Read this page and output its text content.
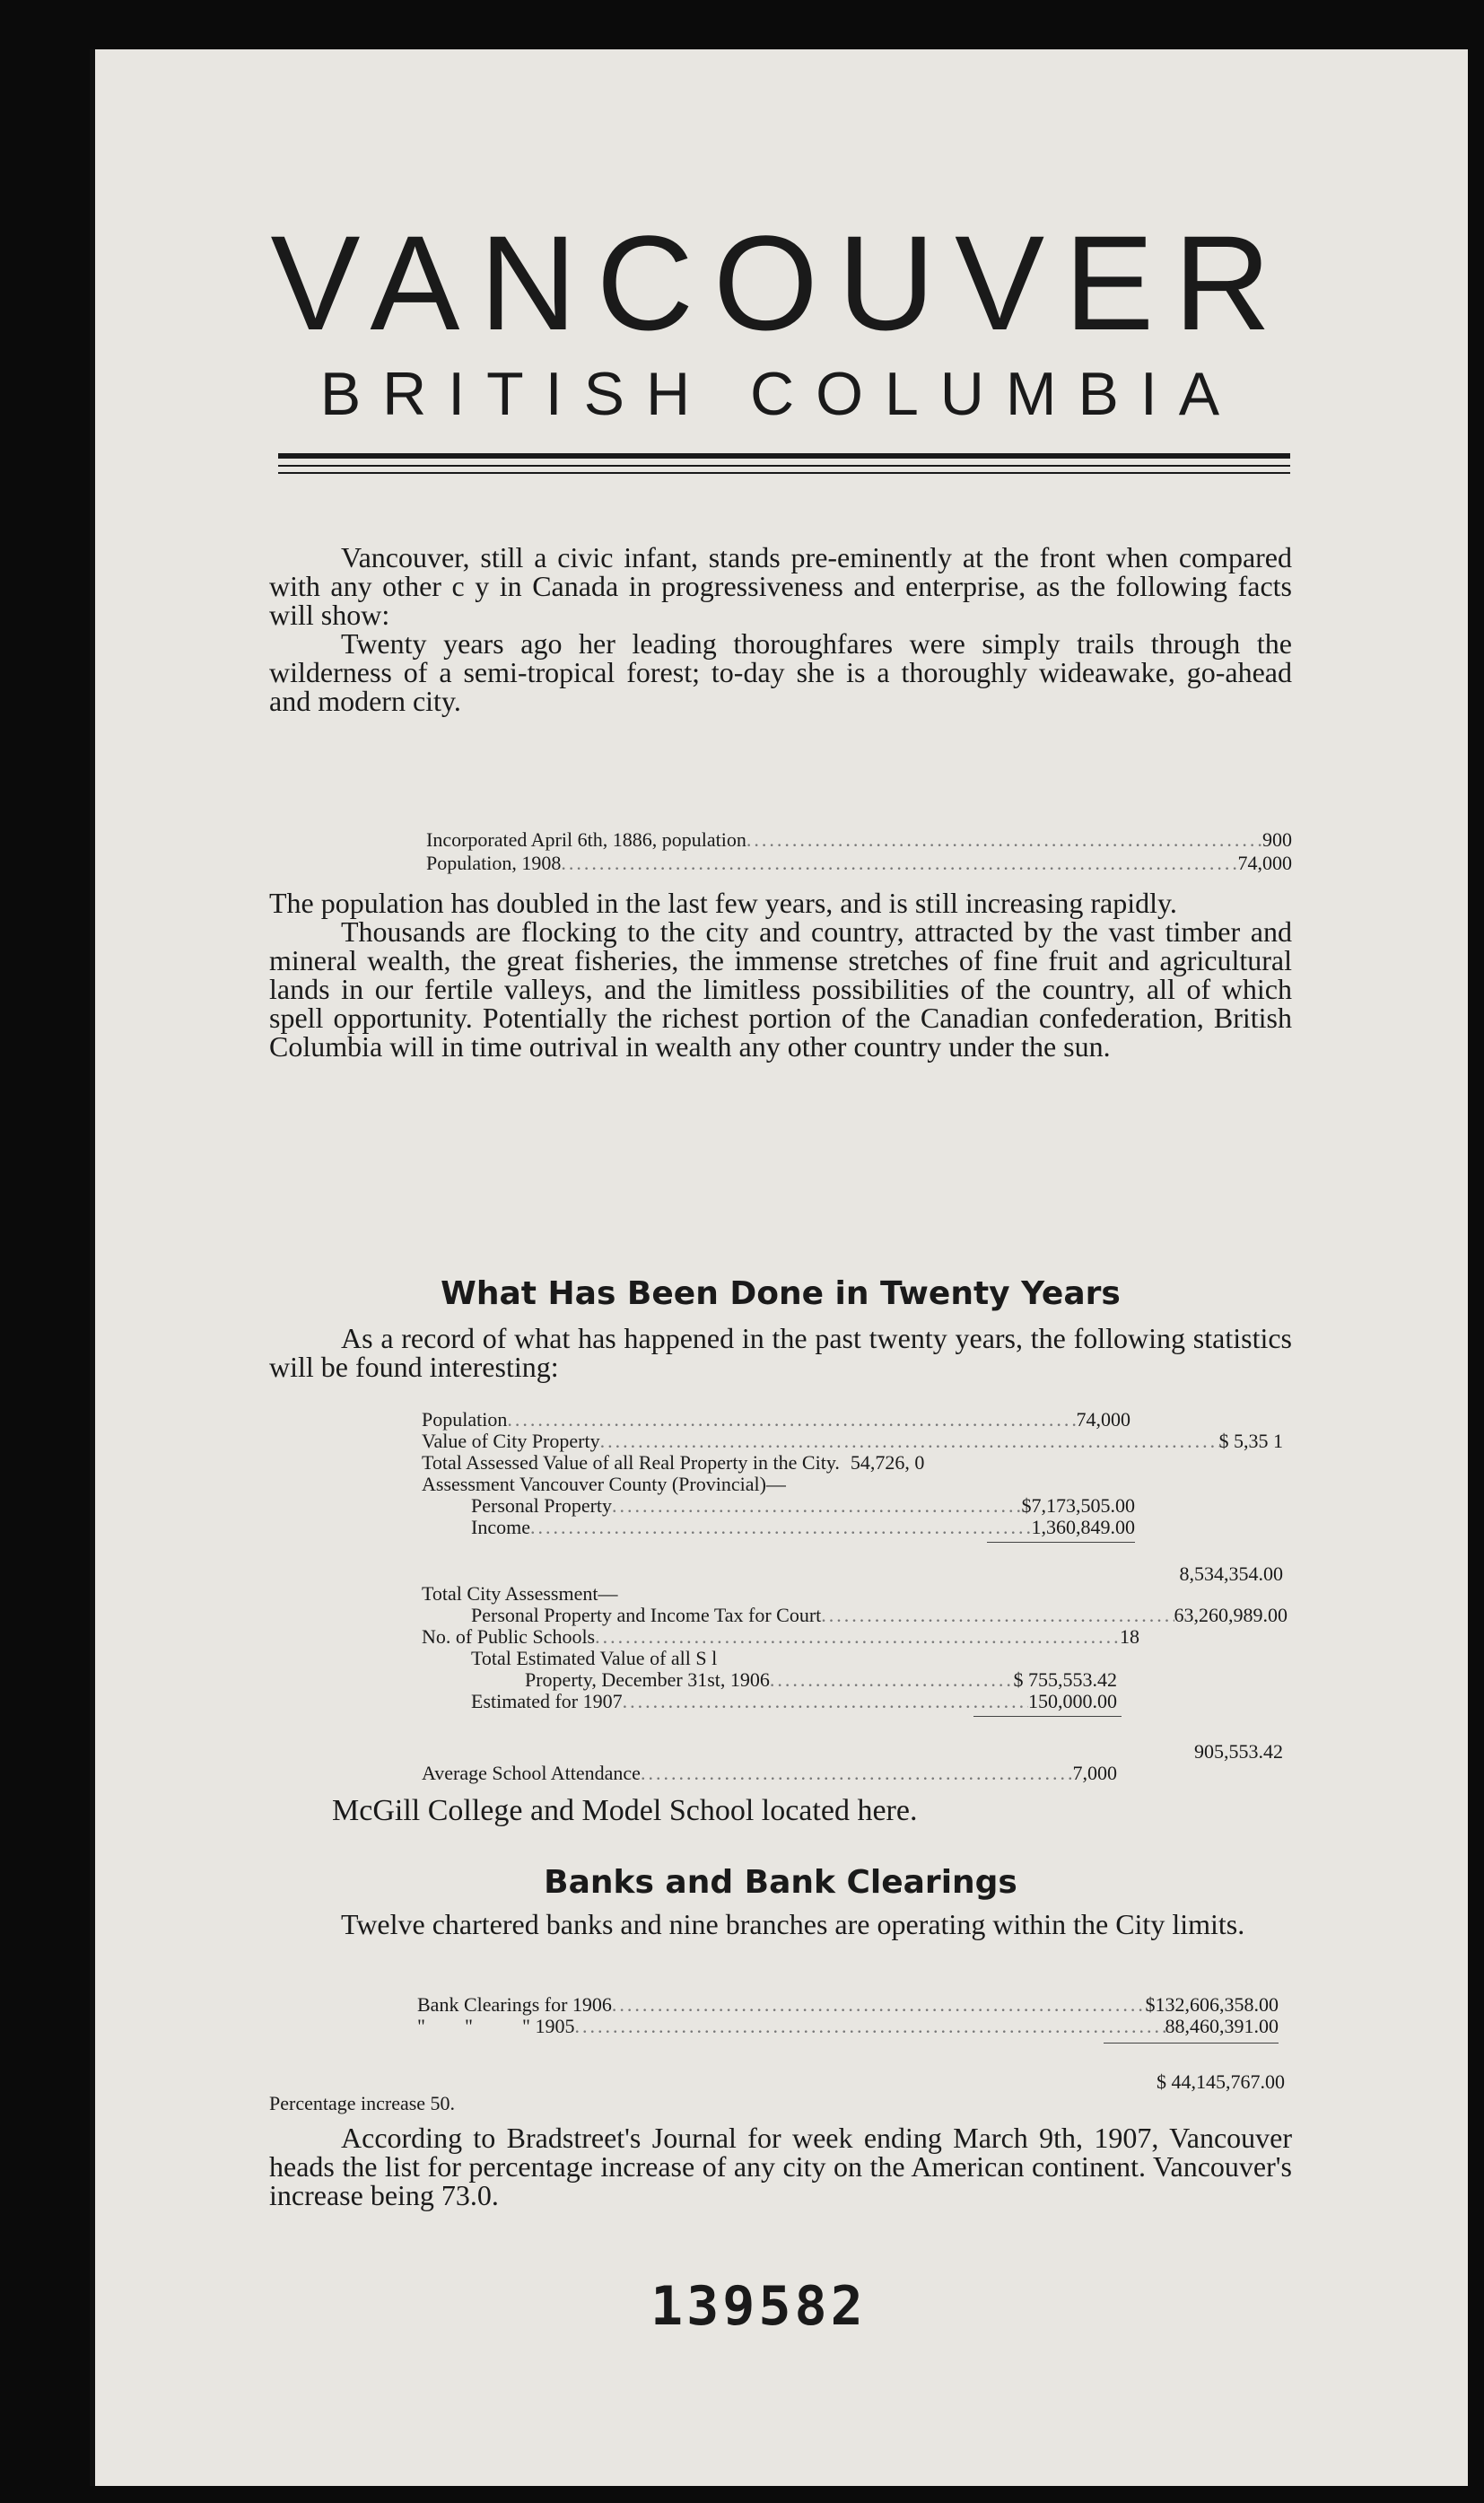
VANCOUVER
BRITISH COLUMBIA

Vancouver, still a civic infant, stands pre-eminently at the front when compared with any other c y in Canada in progressiveness and enterprise, as the following facts will show:

Twenty years ago her leading thoroughfares were simply trails through the wilderness of a semi-tropical forest; to-day she is a thoroughly wideawake, go-ahead and modern city.

Incorporated April 6th, 1886, population .....	900
Population, 1908 .....	74,000

The population has doubled in the last few years, and is still increasing rapidly.

Thousands are flocking to the city and country, attracted by the vast timber and mineral wealth, the great fisheries, the immense stretches of fine fruit and agricultural lands in our fertile valleys, and the limitless possibilities of the country, all of which spell opportunity. Potentially the richest portion of the Canadian confederation, British Columbia will in time outrival in wealth any other country under the sun.

What Has Been Done in Twenty Years

As a record of what has happened in the past twenty years, the following statistics will be found interesting:

Population .....	74,000
Value of City Property .....	$ 5,35 1
Total Assessed Value of all Real Property in the City. 54,726, 0
Assessment Vancouver County (Provincial)—
Personal Property .....	$7,173,505.00
Income .....	1,360,849.00
8,534,354.00
Total City Assessment—
Personal Property and Income Tax for Court .....	63,260,989.00
No. of Public Schools .....	18
Total Estimated Value of all S l
Property, December 31st, 1906 .....	$ 755,553.42
Estimated for 1907 .....	150,000.00
905,553.42
Average School Attendance .....	7,000
McGill College and Model School located here.
Banks and Bank Clearings

Twelve chartered banks and nine branches are operating within the City limits.

Bank Clearings for 1906 .....	$132,606,358.00
"        "          " 1905 .....	88,460,391.00
$ 44,145,767.00
Percentage increase 50.

According to Bradstreet's Journal for week ending March 9th, 1907, Vancouver heads the list for percentage increase of any city on the American continent. Vancouver's increase being 73.0.

139582
